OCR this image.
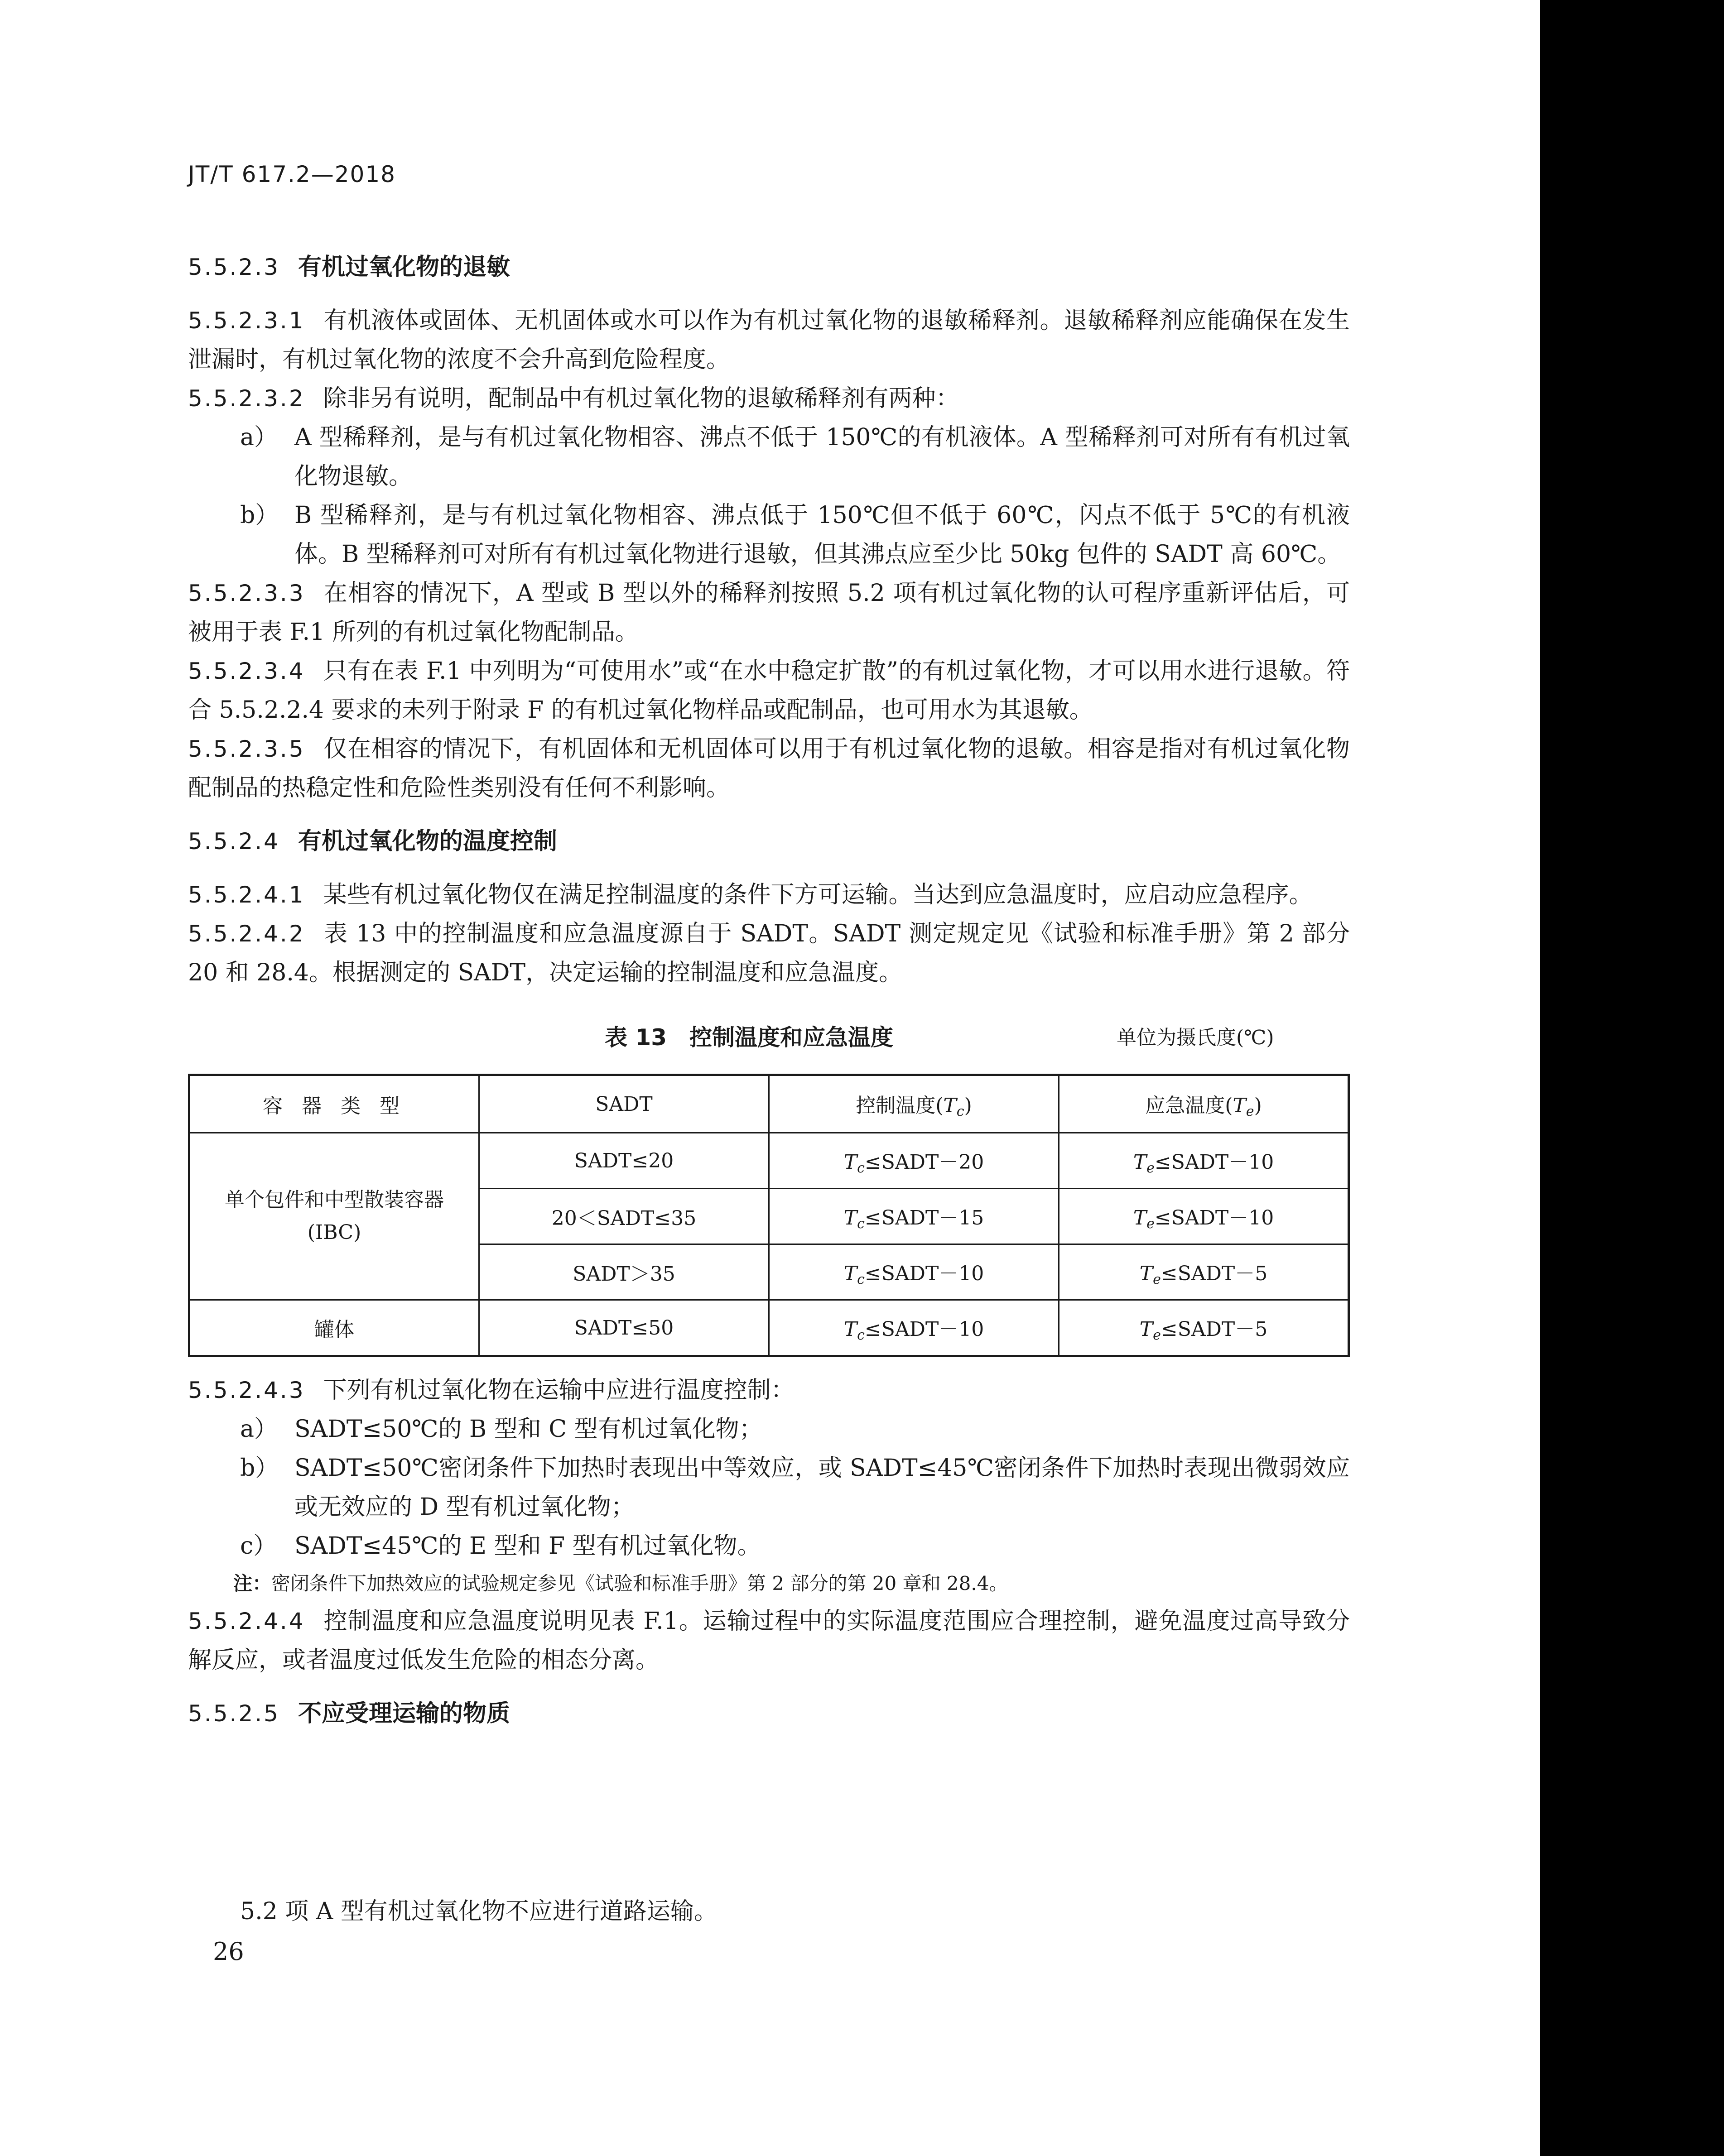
JT/T 617.2—2018

5.5.2.3 有机过氧化物的退敏

5.5.2.3.1 有机液体或固体、无机固体或水可以作为有机过氧化物的退敏稀释剂。退敏稀释剂应能确保在发生泄漏时，有机过氧化物的浓度不会升高到危险程度。

5.5.2.3.2 除非另有说明，配制品中有机过氧化物的退敏稀释剂有两种：

a） A 型稀释剂，是与有机过氧化物相容、沸点不低于 150℃的有机液体。A 型稀释剂可对所有有机过氧化物退敏。

b） B 型稀释剂，是与有机过氧化物相容、沸点低于 150℃但不低于 60℃，闪点不低于 5℃的有机液体。B 型稀释剂可对所有有机过氧化物进行退敏，但其沸点应至少比 50kg 包件的 SADT 高 60℃。

5.5.2.3.3 在相容的情况下，A 型或 B 型以外的稀释剂按照 5.2 项有机过氧化物的认可程序重新评估后，可被用于表 F.1 所列的有机过氧化物配制品。

5.5.2.3.4 只有在表 F.1 中列明为“可使用水”或“在水中稳定扩散”的有机过氧化物，才可以用水进行退敏。符合 5.5.2.2.4 要求的未列于附录 F 的有机过氧化物样品或配制品，也可用水为其退敏。

5.5.2.3.5 仅在相容的情况下，有机固体和无机固体可以用于有机过氧化物的退敏。相容是指对有机过氧化物配制品的热稳定性和危险性类别没有任何不利影响。

5.5.2.4 有机过氧化物的温度控制

5.5.2.4.1 某些有机过氧化物仅在满足控制温度的条件下方可运输。当达到应急温度时，应启动应急程序。

5.5.2.4.2 表 13 中的控制温度和应急温度源自于 SADT。SADT 测定规定见《试验和标准手册》第 2 部分 20 和 28.4。根据测定的 SADT，决定运输的控制温度和应急温度。

表 13　控制温度和应急温度	单位为摄氏度(℃)
容 器 类 型	SADT	控制温度$(T_c)$	应急温度$(T_e)$
单个包件和中型散装容器
(IBC)	SADT≤20	$T_c\le SADT-20$	$T_e\le SADT-10$
	20＜SADT≤35	$T_c\le SADT-15$	$T_e\le SADT-10$
	SADT＞35	$T_c\le SADT-10$	$T_e\le SADT-5$
罐体	SADT≤50	$T_c\le SADT-10$	$T_e\le SADT-5$

5.5.2.4.3 下列有机过氧化物在运输中应进行温度控制：

a） SADT≤50℃的 B 型和 C 型有机过氧化物；

b） SADT≤50℃密闭条件下加热时表现出中等效应，或 SADT≤45℃密闭条件下加热时表现出微弱效应或无效应的 D 型有机过氧化物；

c） SADT≤45℃的 E 型和 F 型有机过氧化物。

注：密闭条件下加热效应的试验规定参见《试验和标准手册》第 2 部分的第 20 章和 28.4。

5.5.2.4.4 控制温度和应急温度说明见表 F.1。运输过程中的实际温度范围应合理控制，避免温度过高导致分解反应，或者温度过低发生危险的相态分离。

5.5.2.5 不应受理运输的物质

5.2 项 A 型有机过氧化物不应进行道路运输。
26
